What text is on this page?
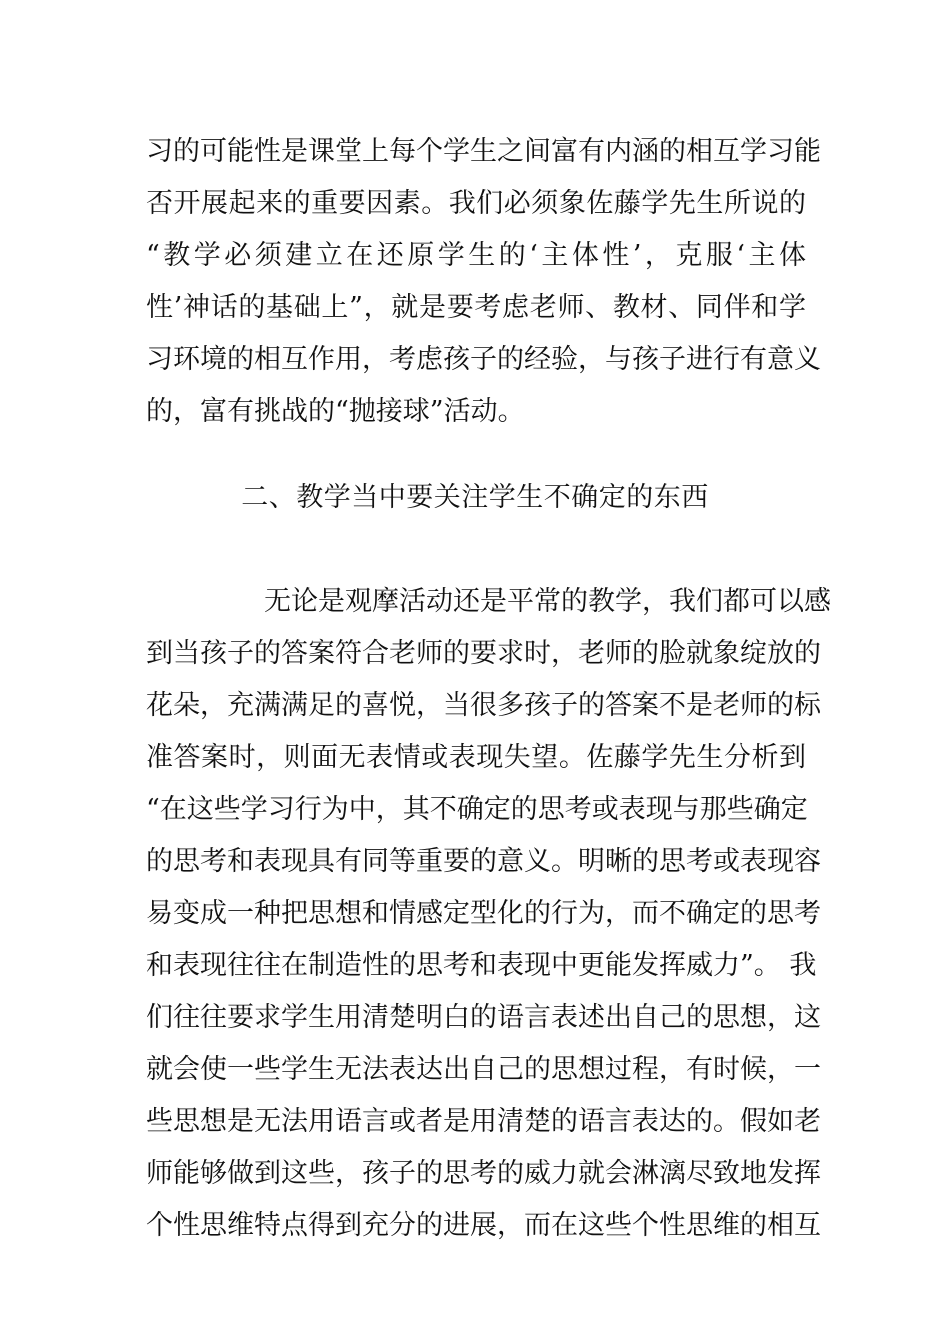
习的可能性是课堂上每个学生之间富有内涵的相互学习能
否开展起来的重要因素。我们必须象佐藤学先生所说的
“教学必须建立在还原学生的‘主体性’，克服‘主体
性’神话的基础上”，就是要考虑老师、教材、同伴和学
习环境的相互作用，考虑孩子的经验，与孩子进行有意义
的，富有挑战的“抛接球”活动。
二、教学当中要关注学生不确定的东西
无论是观摩活动还是平常的教学，我们都可以感
到当孩子的答案符合老师的要求时，老师的脸就象绽放的
花朵，充满满足的喜悦，当很多孩子的答案不是老师的标
准答案时，则面无表情或表现失望。佐藤学先生分析到
“在这些学习行为中，其不确定的思考或表现与那些确定
的思考和表现具有同等重要的意义。明晰的思考或表现容
易变成一种把思想和情感定型化的行为，而不确定的思考
和表现往往在制造性的思考和表现中更能发挥威力”。 我
们往往要求学生用清楚明白的语言表述出自己的思想，这
就会使一些学生无法表达出自己的思想过程，有时候，一
些思想是无法用语言或者是用清楚的语言表达的。假如老
师能够做到这些，孩子的思考的威力就会淋漓尽致地发挥
个性思维特点得到充分的进展，而在这些个性思维的相互
